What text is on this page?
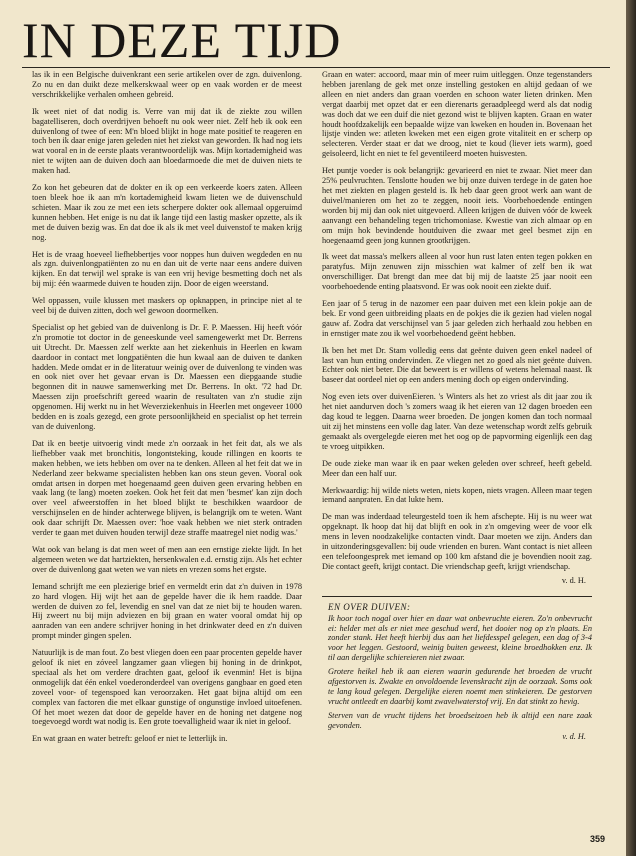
IN DEZE TIJD

las ik in een Belgische duivenkrant een serie artikelen over de zgn. duivenlong. Zo nu en dan duikt deze melkerskwaal weer op en vaak worden er de meest verschrikkelijke verhalen omheen gebreid.

Ik weet niet of dat nodig is. Verre van mij dat ik de ziekte zou willen bagatelliseren, doch overdrijven behoeft nu ook weer niet. Zelf heb ik ook een duivenlong of twee of een: M'n bloed blijkt in hoge mate positief te reageren en toch ben ik daar enige jaren geleden niet het ziekst van geworden. Ik had nog iets wat vooral en in de eerste plaats verantwoordelijk was. Mijn kortademigheid was niet te wijten aan de duiven doch aan bloedarmoede die met de duiven niets te maken had.

Zo kon het gebeuren dat de dokter en ik op een verkeerde koers zaten. Alleen toen bleek hoe ik aan m'n kortademigheid kwam lieten we de duivenschuld schieten. Maar ik zou ze met een iets scherpere dokter ook allemaal opgeruimd kunnen hebben. Het enige is nu dat ik lange tijd een lastig masker opzette, als ik met de duiven bezig was. En dat doe ik als ik met veel duivenstof te maken krijg nog.

Het is de vraag hoeveel liefhebbertjes voor noppes hun duiven wegdeden en nu als zgn. duivenlongpatiënten zo nu en dan uit de verte naar eens andere duiven kijken. En dat terwijl wel sprake is van een vrij hevige besmetting doch net als bij mij: één waarmede duiven te houden zijn. Door de eigen weerstand.

Wel oppassen, vuile klussen met maskers op opknappen, in principe niet al te veel bij de duiven zitten, doch wel gewoon doormelken.

Specialist op het gebied van de duivenlong is Dr. F. P. Maessen. Hij heeft vóór z'n promotie tot doctor in de geneeskunde veel samengewerkt met Dr. Berrens uit Utrecht. Dr. Maessen zelf werkte aan het ziekenhuis in Heerlen en kwam daardoor in contact met longpatiënten die hun kwaal aan de duiven te danken hadden. Mede omdat er in de literatuur weinig over de duivenlong te vinden was en ook niet over het gevaar ervan is Dr. Maessen een diepgaande studie begonnen dit in nauwe samenwerking met Dr. Berrens. In okt. '72 had Dr. Maessen zijn proefschrift gereed waarin de resultaten van z'n studie zijn opgenomen. Hij werkt nu in het Weverziekenhuis in Heerlen met ongeveer 1000 bedden en is zoals gezegd, een grote persoonlijkheid en specialist op het terrein van de duivenlong.

Dat ik en beetje uitvoerig vindt mede z'n oorzaak in het feit dat, als we als liefhebber vaak met bronchitis, longontsteking, koude rillingen en koorts te maken hebben, we iets hebben om over na te denken. Alleen al het feit dat we in Nederland zeer bekwame specialisten hebben kan ons steun geven. Vooral ook omdat artsen in dorpen met hoegenaamd geen duiven geen ervaring hebben en vaak lang (te lang) moeten zoeken. Ook het feit dat men 'besmet' kan zijn doch over veel afweerstoffen in het bloed blijkt te beschikken waardoor de verschijnselen en de hinder achterwege blijven, is belangrijk om te weten. Want ook daar schrijft Dr. Maessen over: 'hoe vaak hebben we niet sterk ontraden verder te gaan met duiven houden terwijl deze straffe maatregel niet nodig was.'

Wat ook van belang is dat men weet of men aan een ernstige ziekte lijdt. In het algemeen weten we dat hartziekten, hersenkwalen e.d. ernstig zijn. Als het echter over de duivenlong gaat weten we van niets en vrezen soms het ergste.

Iemand schrijft me een plezierige brief en vermeldt erin dat z'n duiven in 1978 zo hard vlogen. Hij wijt het aan de gepelde haver die ik hem raadde. Daar werden de duiven zo fel, levendig en snel van dat ze niet bij te houden waren. Hij zweert nu bij mijn adviezen en bij graan en water vooral omdat hij op aanraden van een andere schrijver honing in het drinkwater deed en z'n duiven prompt minder gingen spelen.

Natuurlijk is de man fout. Zo best vliegen doen een paar procenten gepelde haver geloof ik niet en zóveel langzamer gaan vliegen bij honing in de drinkpot, speciaal als het om verdere drachten gaat, geloof ik evenmin! Het is bijna onmogelijk dat één enkel voederonderdeel van overigens gangbaar en goed eten zoveel voor- of tegenspoed kan veroorzaken. Het gaat bijna altijd om een complex van factoren die met elkaar gunstige of ongunstige invloed uitoefenen. Of het moet wezen dat door de gepelde haver en de honing net datgene nog toegevoegd wordt wat nodig is. Een grote toevalligheid waar ik niet in geloof.

En wat graan en water betreft: geloof er niet te letterlijk in.

Graan en water: accoord, maar min of meer ruim uitleggen. Onze tegenstanders hebben jarenlang de gek met onze instelling gestoken en altijd gedaan of we alleen en niet anders dan graan voerden en schoon water lieten drinken. Men vergat daarbij met opzet dat er een dierenarts geraadpleegd werd als dat nodig was doch dat we een duif die niet gezond wist te blijven kapten. Graan en water houdt hoofdzakelijk een bepaalde wijze van kweken en houden in. Bovenaan het lijstje vinden we: atleten kweken met een eigen grote vitaliteit en er scherp op selecteren. Verder staat er dat we droog, niet te koud (liever iets warm), goed geïsoleerd, licht en niet te fel geventileerd moeten huisvesten.

Het puntje voeder is ook belangrijk: gevarieerd en niet te zwaar. Niet meer dan 25% peulvruchten. Tenslotte houden we bij onze duiven terdege in de gaten hoe het met ziekten en plagen gesteld is. Ik heb daar geen groot werk aan want de duivel/manieren om het zo te zeggen, nooit iets. Voorbehoedende entingen worden bij mij dan ook niet uitgevoerd. Alleen krijgen de duiven vóór de kweek aanvangt een behandeling tegen trichomoniase. Kwestie van zich almaar op en om mijn hok bevindende houtduiven die zwaar met geel besmet zijn en hoegenaamd geen jong kunnen grootkrijgen.

Ik weet dat massa's melkers alleen al voor hun rust laten enten tegen pokken en paratyfus. Mijn zenuwen zijn misschien wat kalmer of zelf ben ik wat onverschilliger. Dat brengt dan mee dat bij mij de laatste 25 jaar nooit een voorbehoedende enting plaatsvond. Er was ook nooit een ziekte duif.

Een jaar of 5 terug in de nazomer een paar duiven met een klein pokje aan de bek. Er vond geen uitbreiding plaats en de pokjes die ik gezien had vielen nogal gauw af. Zodra dat verschijnsel van 5 jaar geleden zich herhaald zou hebben en in ernstiger mate zou ik wel voorbehoedend geënt hebben.

Ik ben het met Dr. Stam volledig eens dat geënte duiven geen enkel nadeel of last van hun enting ondervinden. Ze vliegen net zo goed als niet geënte duiven. Echter ook niet beter. Die dat beweert is er willens of wetens helemaal naast. Ik baseer dat oordeel niet op een anders mening doch op eigen ondervinding.

Nog even iets over duivenEieren. 's Winters als het zo vriest als dit jaar zou ik het niet aandurven doch 's zomers waag ik het eieren van 12 dagen broeden een dag koud te leggen. Daarna weer broeden. De jongen komen dan toch normaal uit zij het minstens een volle dag later. Van deze wetenschap wordt zelfs gebruik gemaakt als overgelegde eieren met het oog op de papvorming eigenlijk een dag te vroeg uitpikken.

De oude zieke man waar ik en paar weken geleden over schreef, heeft gebeld. Meer dan een half uur.

Merkwaardig: hij wilde niets weten, niets kopen, niets vragen. Alleen maar tegen iemand aanpraten. En dat lukte hem.

De man was inderdaad teleurgesteld toen ik hem afschepte. Hij is nu weer wat opgeknapt. Ik hoop dat hij dat blijft en ook in z'n omgeving weer de voor elk mens in leven noodzakelijke contacten vindt. Daar moeten we zijn. Anders dan in uitzonderingsgevallen: bij oude vrienden en buren. Want contact is niet alleen een telefoongesprek met iemand op 100 km afstand die je bovendien nooit zag. Die contact geeft, krijgt contact. Die vriendschap geeft, krijgt vriendschap.

v. d. H.
EN OVER DUIVEN:

Ik hoor toch nogal over hier en daar wat onbevruchte eieren. Zo'n onbevrucht ei: helder met als er niet mee geschud werd, het dooier nog op z'n plaats. En zonder stank. Het heeft hierbij dus aan het liefdesspel gelegen, een dag of 3-4 voor het leggen. Gestoord, weinig buiten geweest, kleine broedhokken enz. Ik til aan dergelijke schiereieren niet zwaar.

Grotere heikel heb ik aan eieren waarin gedurende het broeden de vrucht afgestorven is. Zwakte en onvoldoende levenskracht zijn de oorzaak. Soms ook te lang koud gelegen. Dergelijke eieren noemt men stinkeieren. De gestorven vrucht ontleedt en daarbij komt zwavelwaterstof vrij. En dat stinkt zo hevig.

Sterven van de vrucht tijdens het broedseizoen heb ik altijd een nare zaak gevonden.

v. d. H.
359
